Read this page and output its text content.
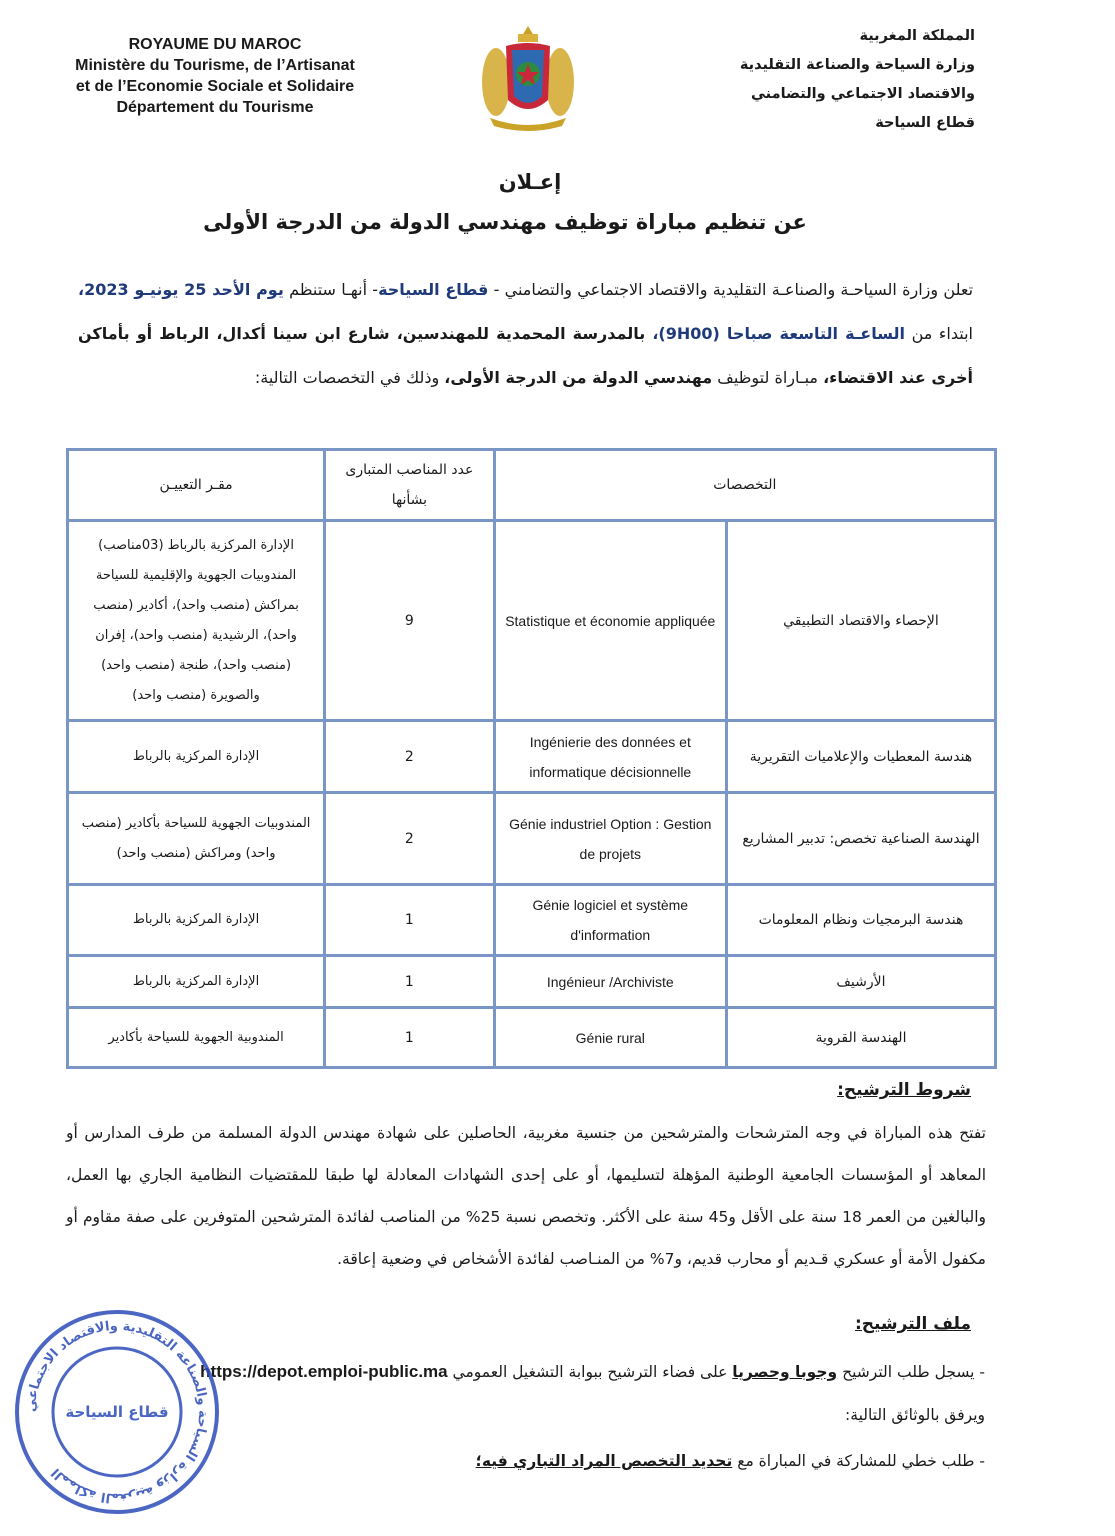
ROYAUME DU MAROC
Ministère du Tourisme, de l’Artisanat
et de l’Economie Sociale et Solidaire
Département du Tourisme
المملكة المغربية
وزارة السياحة والصناعة التقليدية
والاقتصاد الاجتماعي والتضامني
قطاع السياحة
إعـلان
عن تنظيم مباراة توظيف مهندسي الدولة من الدرجة الأولى
تعلن وزارة السياحـة والصناعـة التقليدية والاقتصاد الاجتماعي والتضامني - قطاع السياحة- أنهـا ستنظم يوم الأحد 25 يونيـو 2023، ابتداء من الساعـة التاسعة صباحا (9H00)، بالمدرسة المحمدية للمهندسين، شارع ابن سينا أكدال، الرباط أو بأماكن أخرى عند الاقتضاء، مبـاراة لتوظيف مهندسي الدولة من الدرجة الأولى، وذلك في التخصصات التالية:
التخصصات		عدد المناصب المتبارى بشأنها	مقـر التعييـن
الإحصاء والاقتصاد التطبيقي	Statistique et économie appliquée	9	الإدارة المركزية بالرباط (03مناصب) المندوبيات الجهوية والإقليمية للسياحة بمراكش (منصب واحد)، أكادير (منصب واحد)، الرشيدية (منصب واحد)، إفران (منصب واحد)، طنجة (منصب واحد) والصويرة (منصب واحد)
هندسة المعطيات والإعلاميات التقريرية	Ingénierie des données et informatique décisionnelle	2	الإدارة المركزية بالرباط
الهندسة الصناعية تخصص: تدبير المشاريع	Génie industriel Option : Gestion de projets	2	المندوبيات الجهوية للسياحة بأكادير (منصب واحد) ومراكش (منصب واحد)
هندسة البرمجيات ونظام المعلومات	Génie logiciel et système d'information	1	الإدارة المركزية بالرباط
الأرشيف	Ingénieur /Archiviste	1	الإدارة المركزية بالرباط
الهندسة القروية	Génie rural	1	المندوبية الجهوية للسياحة بأكادير
شروط الترشيح:
تفتح هذه المباراة في وجه المترشحات والمترشحين من جنسية مغربية، الحاصلين على شهادة مهندس الدولة المسلمة من طرف المدارس أو المعاهد أو المؤسسات الجامعية الوطنية المؤهلة لتسليمها، أو على إحدى الشهادات المعادلة لها طبقا للمقتضيات النظامية الجاري بها العمل، والبالغين من العمر 18 سنة على الأقل و45 سنة على الأكثر. وتخصص نسبة 25% من المناصب لفائدة المترشحين المتوفرين على صفة مقاوم أو مكفول الأمة أو عسكري قـديم أو محارب قديم، و7% من المنـاصب لفائدة الأشخاص في وضعية إعاقة.
ملف الترشيح:
- يسجل طلب الترشيح وجوبا وحصريا على فضاء الترشيح ببوابة التشغيل العمومي https://depot.emploi-public.ma
ويرفق بالوثائق التالية:
- طلب خطي للمشاركة في المباراة مع تحديد التخصص المراد التباري فيه؛
المملكة المغربية وزارة السياحة والصناعة التقليدية والاقتصاد الاجتماعي
قطاع السياحة
